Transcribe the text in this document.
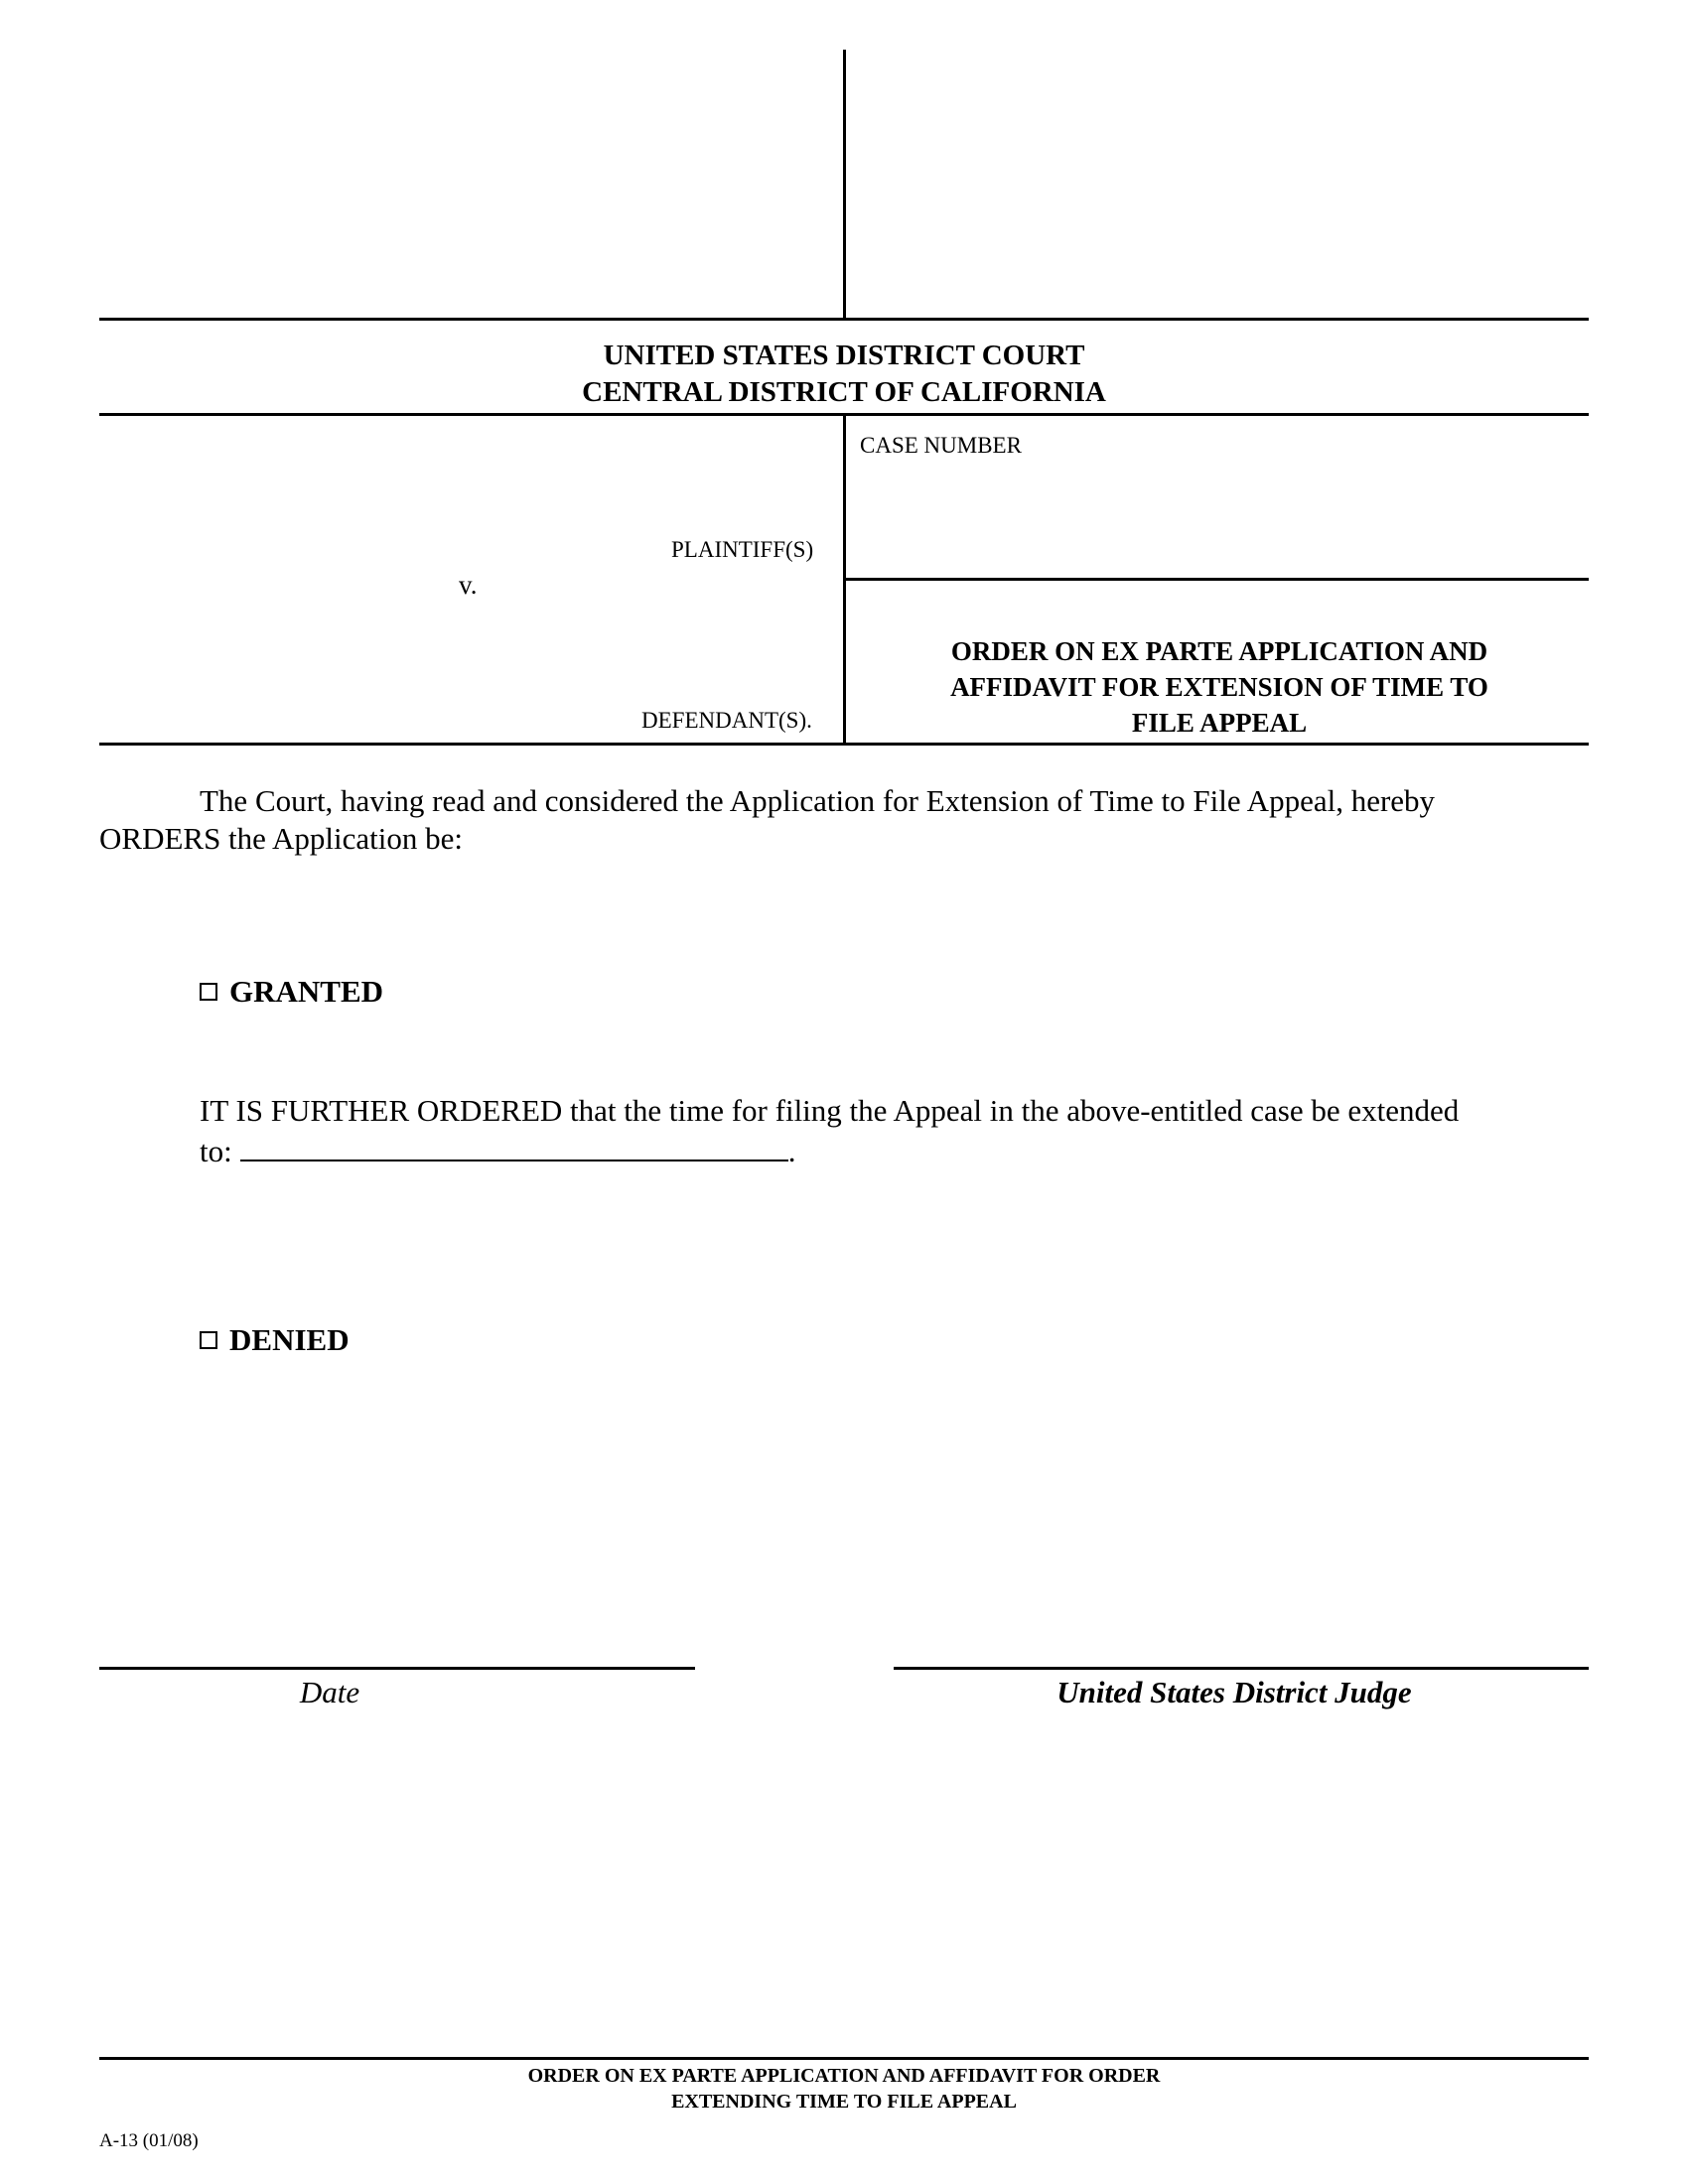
UNITED STATES DISTRICT COURT
CENTRAL DISTRICT OF CALIFORNIA
CASE NUMBER
PLAINTIFF(S)
v.
DEFENDANT(S).
ORDER ON EX PARTE APPLICATION AND
AFFIDAVIT FOR EXTENSION OF TIME TO
FILE APPEAL
The Court, having read and considered the Application for Extension of Time to File Appeal, hereby
ORDERS the Application be:
GRANTED
IT IS FURTHER ORDERED that the time for filing the Appeal in the above-entitled case be extended
to:	.
DENIED
Date	United States District Judge
ORDER ON EX PARTE APPLICATION AND AFFIDAVIT FOR ORDER
EXTENDING TIME TO FILE APPEAL
A-13 (01/08)
